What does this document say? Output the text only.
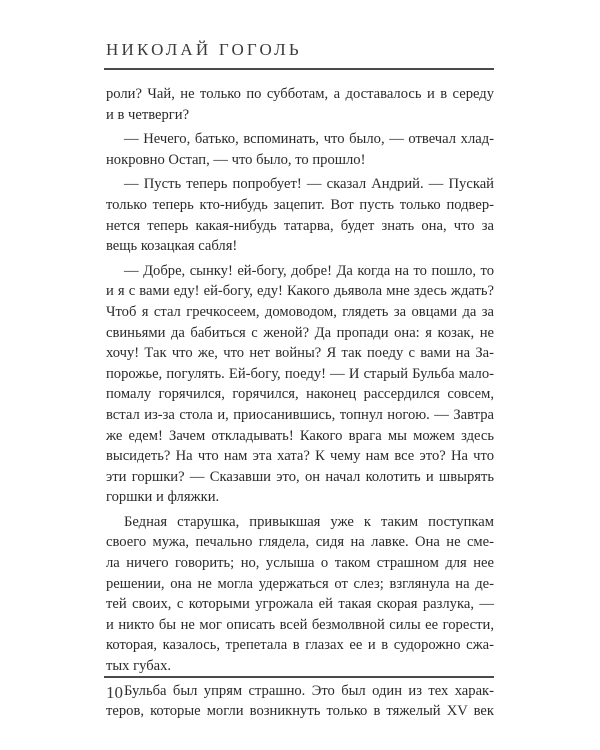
НИКОЛАЙ ГОГОЛЬ

роли? Чай, не только по субботам, а доставалось и в середу
и в четверги?

— Нечего, батько, вспоминать, что было, — отвечал хлад-
нокровно Остап, — что было, то прошло!

— Пусть теперь попробует! — сказал Андрий. — Пускай
только теперь кто-нибудь зацепит. Вот пусть только подвер-
нется теперь какая-нибудь татарва, будет знать она, что за
вещь козацкая сабля!

— Добре, сынку! ей-богу, добре! Да когда на то пошло, то
и я с вами еду! ей-богу, еду! Какого дьявола мне здесь ждать?
Чтоб я стал гречкосеем, домоводом, глядеть за овцами да за
свиньями да бабиться с женой? Да пропади она: я козак, не
хочу! Так что же, что нет войны? Я так поеду с вами на За-
порожье, погулять. Ей-богу, поеду! — И старый Бульба мало-
помалу горячился, горячился, наконец рассердился совсем,
встал из-за стола и, приосанившись, топнул ногою. — Завтра
же едем! Зачем откладывать! Какого врага мы можем здесь
высидеть? На что нам эта хата? К чему нам все это? На что
эти горшки? — Сказавши это, он начал колотить и швырять
горшки и фляжки.

Бедная старушка, привыкшая уже к таким поступкам
своего мужа, печально глядела, сидя на лавке. Она не сме-
ла ничего говорить; но, услыша о таком страшном для нее
решении, она не могла удержаться от слез; взглянула на де-
тей своих, с которыми угрожала ей такая скорая разлука, —
и никто бы не мог описать всей безмолвной силы ее горести,
которая, казалось, трепетала в глазах ее и в судорожно сжа-
тых губах.

Бульба был упрям страшно. Это был один из тех харак-
теров, которые могли возникнуть только в тяжелый XV век

10
